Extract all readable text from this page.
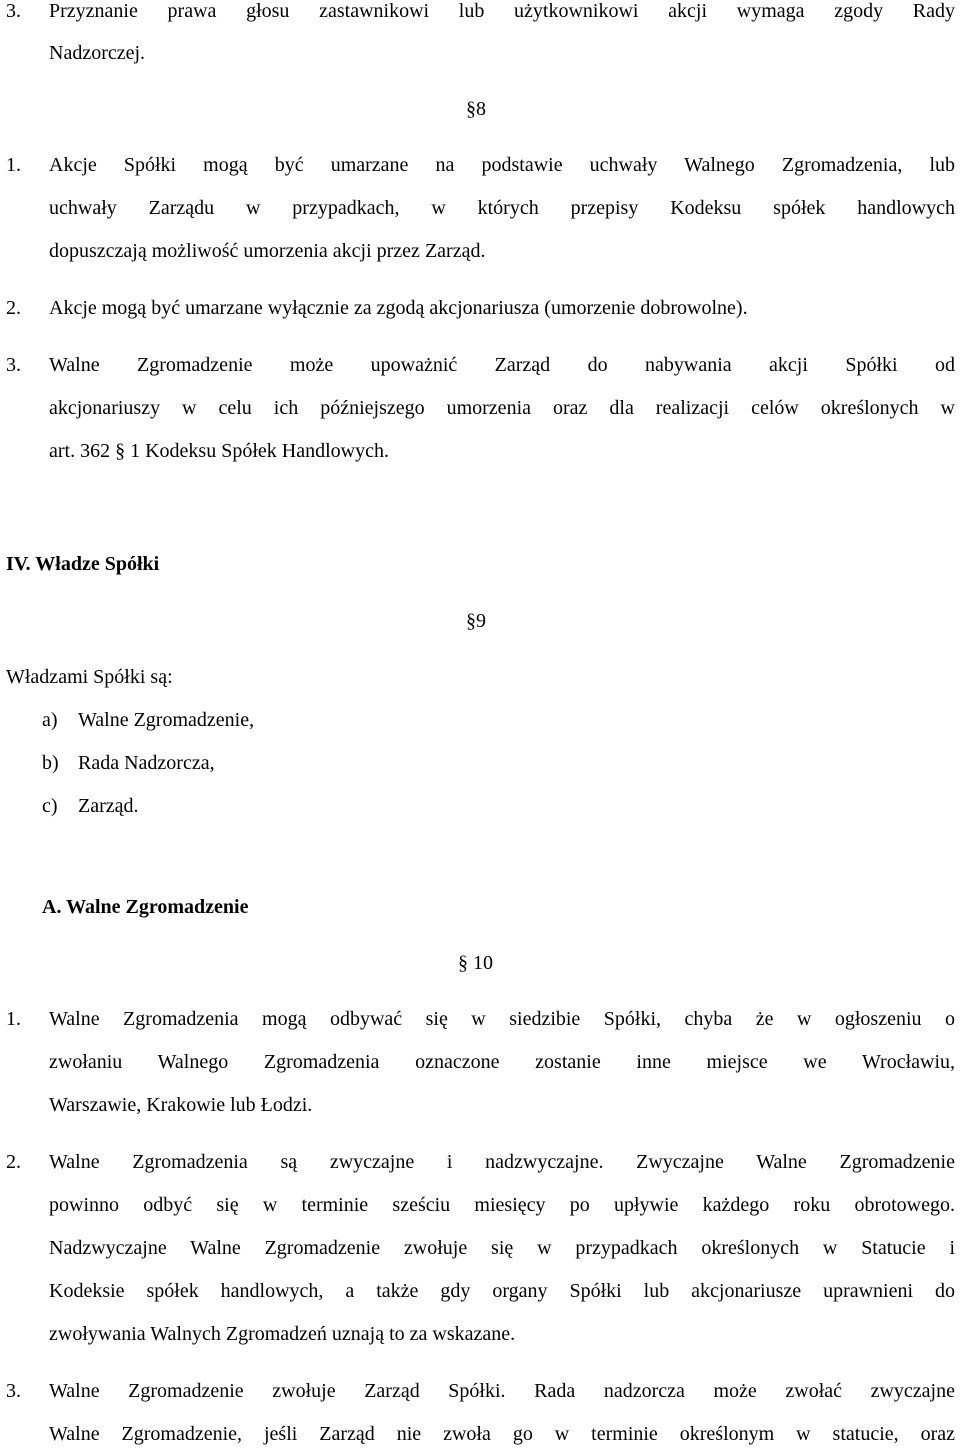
3. Przyznanie prawa głosu zastawnikowi lub użytkownikowi akcji wymaga zgody Rady
Nadzorczej.
§8
1. Akcje Spółki mogą być umarzane na podstawie uchwały Walnego Zgromadzenia, lub
uchwały Zarządu w przypadkach, w których przepisy Kodeksu spółek handlowych
dopuszczają możliwość umorzenia akcji przez Zarząd.
2. Akcje mogą być umarzane wyłącznie za zgodą akcjonariusza (umorzenie dobrowolne).
3. Walne Zgromadzenie może upoważnić Zarząd do nabywania akcji Spółki od
akcjonariuszy w celu ich późniejszego umorzenia oraz dla realizacji celów określonych w
art. 362 § 1 Kodeksu Spółek Handlowych.
IV. Władze Spółki
§9
Władzami Spółki są:
a) Walne Zgromadzenie,
b) Rada Nadzorcza,
c) Zarząd.
A. Walne Zgromadzenie
§ 10
1. Walne Zgromadzenia mogą odbywać się w siedzibie Spółki, chyba że w ogłoszeniu o
zwołaniu Walnego Zgromadzenia oznaczone zostanie inne miejsce we Wrocławiu,
Warszawie, Krakowie lub Łodzi.
2. Walne Zgromadzenia są zwyczajne i nadzwyczajne. Zwyczajne Walne Zgromadzenie
powinno odbyć się w terminie sześciu miesięcy po upływie każdego roku obrotowego.
Nadzwyczajne Walne Zgromadzenie zwołuje się w przypadkach określonych w Statucie i
Kodeksie spółek handlowych, a także gdy organy Spółki lub akcjonariusze uprawnieni do
zwoływania Walnych Zgromadzeń uznają to za wskazane.
3. Walne Zgromadzenie zwołuje Zarząd Spółki. Rada nadzorcza może zwołać zwyczajne
Walne Zgromadzenie, jeśli Zarząd nie zwoła go w terminie określonym w statucie, oraz
